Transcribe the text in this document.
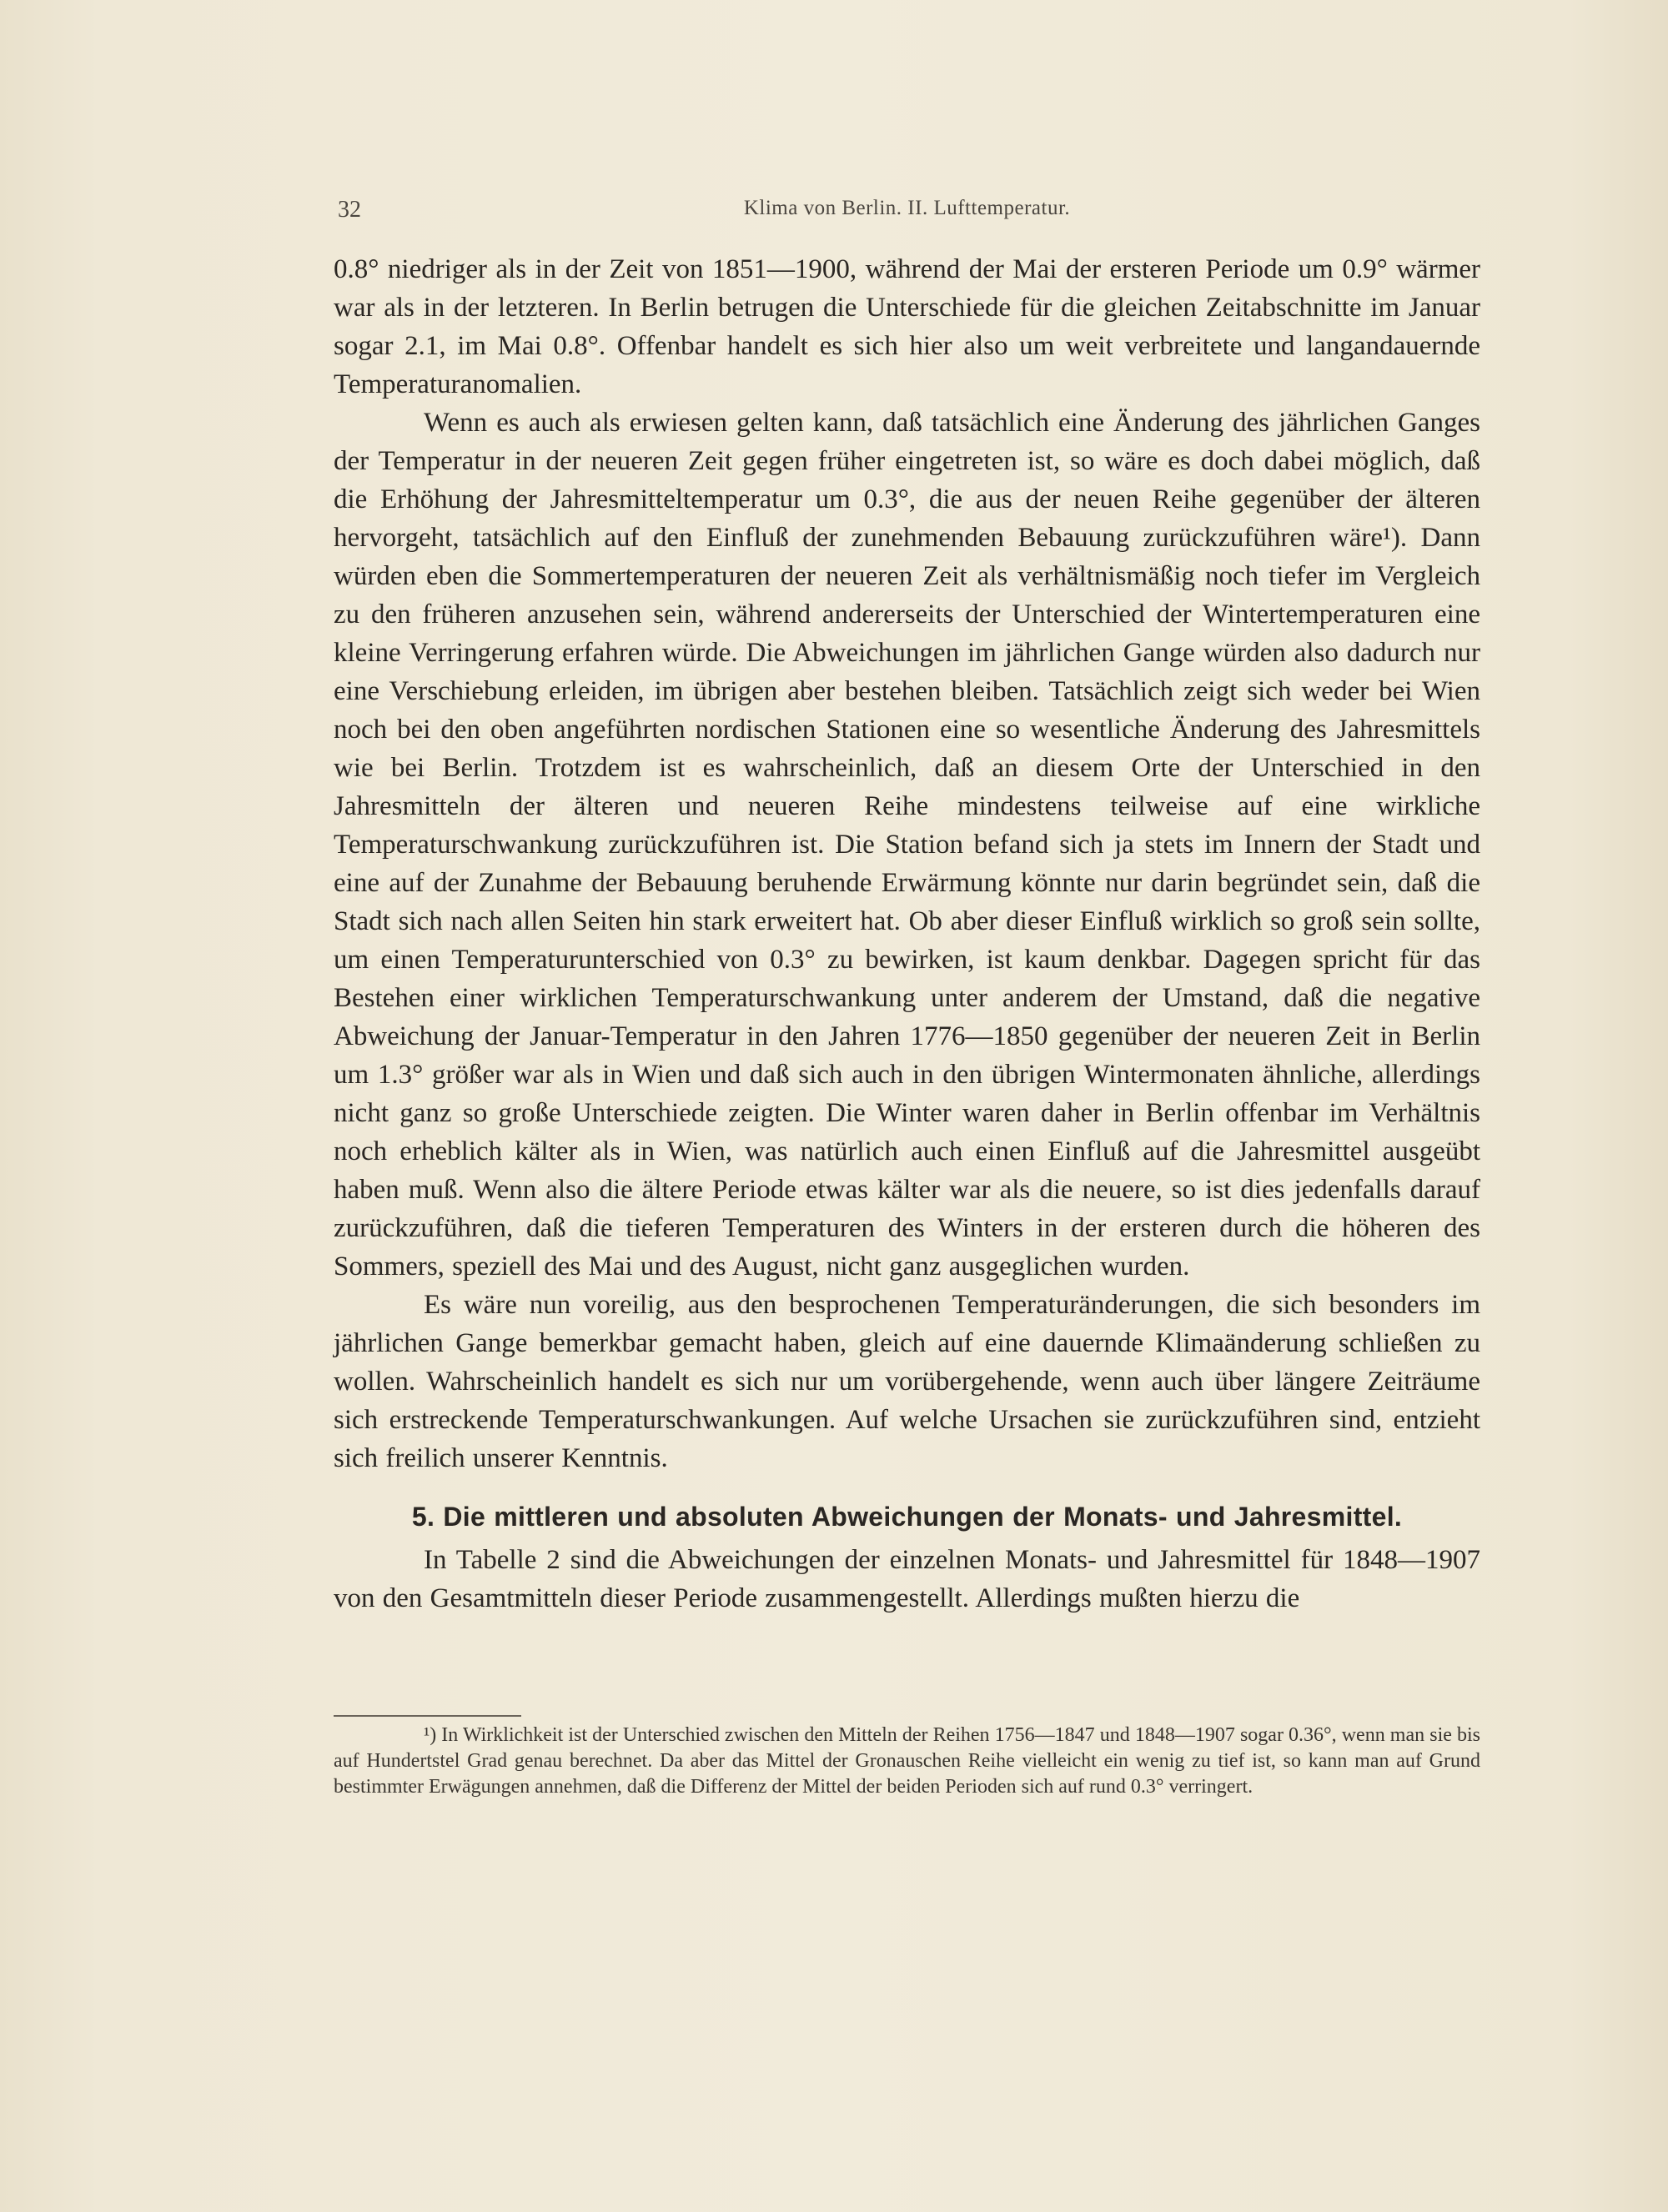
32	Klima von Berlin. II. Lufttemperatur.

0.8° niedriger als in der Zeit von 1851—1900, während der Mai der ersteren Periode um 0.9° wärmer war als in der letzteren. In Berlin betrugen die Unterschiede für die gleichen Zeitabschnitte im Januar sogar 2.1, im Mai 0.8°. Offenbar handelt es sich hier also um weit verbreitete und langandauernde Temperaturanomalien.

Wenn es auch als erwiesen gelten kann, daß tatsächlich eine Änderung des jährlichen Ganges der Temperatur in der neueren Zeit gegen früher eingetreten ist, so wäre es doch dabei möglich, daß die Erhöhung der Jahresmitteltemperatur um 0.3°, die aus der neuen Reihe gegenüber der älteren hervorgeht, tatsächlich auf den Einfluß der zunehmenden Bebauung zurückzuführen wäre¹). Dann würden eben die Sommertemperaturen der neueren Zeit als verhältnismäßig noch tiefer im Vergleich zu den früheren anzusehen sein, während andererseits der Unterschied der Wintertemperaturen eine kleine Verringerung erfahren würde. Die Abweichungen im jährlichen Gange würden also dadurch nur eine Verschiebung erleiden, im übrigen aber bestehen bleiben. Tatsächlich zeigt sich weder bei Wien noch bei den oben angeführten nordischen Stationen eine so wesentliche Änderung des Jahresmittels wie bei Berlin. Trotzdem ist es wahrscheinlich, daß an diesem Orte der Unterschied in den Jahresmitteln der älteren und neueren Reihe mindestens teilweise auf eine wirkliche Temperaturschwankung zurückzuführen ist. Die Station befand sich ja stets im Innern der Stadt und eine auf der Zunahme der Bebauung beruhende Erwärmung könnte nur darin begründet sein, daß die Stadt sich nach allen Seiten hin stark erweitert hat. Ob aber dieser Einfluß wirklich so groß sein sollte, um einen Temperaturunterschied von 0.3° zu bewirken, ist kaum denkbar. Dagegen spricht für das Bestehen einer wirklichen Temperaturschwankung unter anderem der Umstand, daß die negative Abweichung der Januar-Temperatur in den Jahren 1776—1850 gegenüber der neueren Zeit in Berlin um 1.3° größer war als in Wien und daß sich auch in den übrigen Wintermonaten ähnliche, allerdings nicht ganz so große Unterschiede zeigten. Die Winter waren daher in Berlin offenbar im Verhältnis noch erheblich kälter als in Wien, was natürlich auch einen Einfluß auf die Jahresmittel ausgeübt haben muß. Wenn also die ältere Periode etwas kälter war als die neuere, so ist dies jedenfalls darauf zurückzuführen, daß die tieferen Temperaturen des Winters in der ersteren durch die höheren des Sommers, speziell des Mai und des August, nicht ganz ausgeglichen wurden.

Es wäre nun voreilig, aus den besprochenen Temperaturänderungen, die sich besonders im jährlichen Gange bemerkbar gemacht haben, gleich auf eine dauernde Klimaänderung schließen zu wollen. Wahrscheinlich handelt es sich nur um vorübergehende, wenn auch über längere Zeiträume sich erstreckende Temperaturschwankungen. Auf welche Ursachen sie zurückzuführen sind, entzieht sich freilich unserer Kenntnis.

5. Die mittleren und absoluten Abweichungen der Monats- und Jahresmittel.

In Tabelle 2 sind die Abweichungen der einzelnen Monats- und Jahresmittel für 1848—1907 von den Gesamtmitteln dieser Periode zusammengestellt. Allerdings mußten hierzu die

¹) In Wirklichkeit ist der Unterschied zwischen den Mitteln der Reihen 1756—1847 und 1848—1907 sogar 0.36°, wenn man sie bis auf Hundertstel Grad genau berechnet. Da aber das Mittel der Gronauschen Reihe vielleicht ein wenig zu tief ist, so kann man auf Grund bestimmter Erwägungen annehmen, daß die Differenz der Mittel der beiden Perioden sich auf rund 0.3° verringert.
